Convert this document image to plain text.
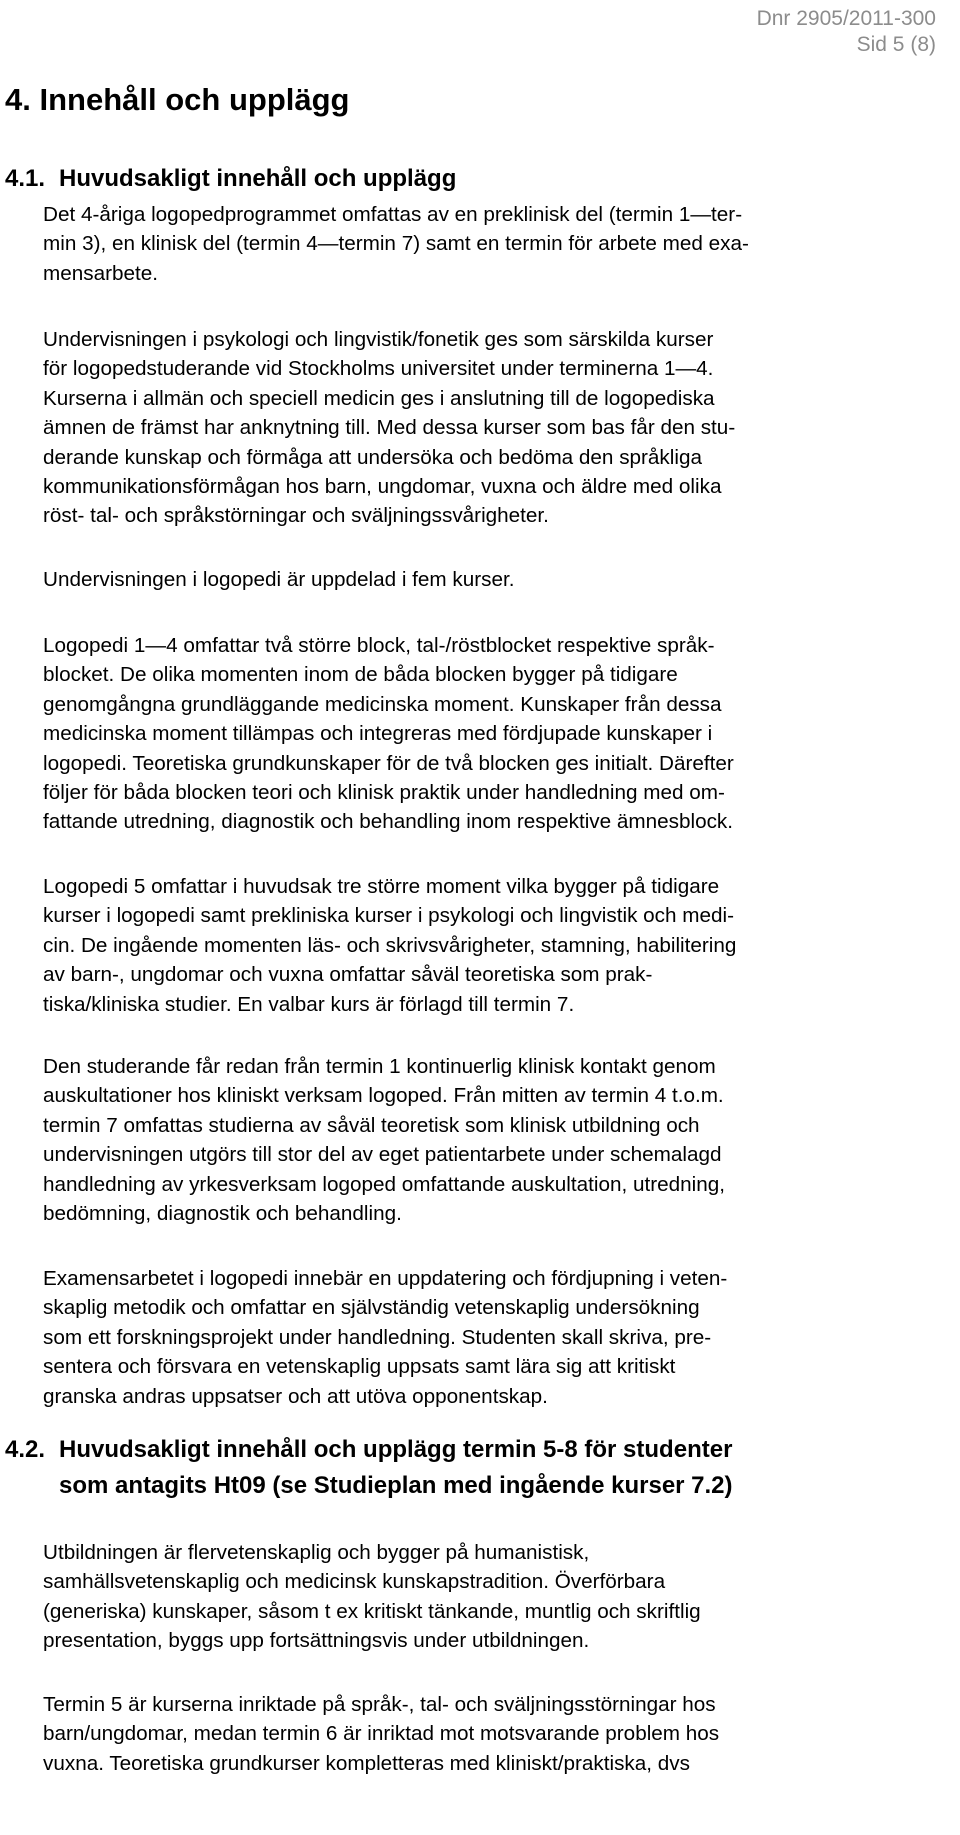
Dnr 2905/2011-300
Sid 5 (8)
4. Innehåll och upplägg
4.1. Huvudsakligt innehåll och upplägg
Det 4-åriga logopedprogrammet omfattas av en preklinisk del (termin 1—ter-
min 3), en klinisk del (termin 4—termin 7) samt en termin för arbete med exa-
mensarbete.
Undervisningen i psykologi och lingvistik/fonetik ges som särskilda kurser
för logopedstuderande vid Stockholms universitet under terminerna 1—4.
Kurserna i allmän och speciell medicin ges i anslutning till de logopediska
ämnen de främst har anknytning till. Med dessa kurser som bas får den stu-
derande kunskap och förmåga att undersöka och bedöma den språkliga
kommunikationsförmågan hos barn, ungdomar, vuxna och äldre med olika
röst- tal- och språkstörningar och sväljningssvårigheter.
Undervisningen i logopedi är uppdelad i fem kurser.
Logopedi 1—4 omfattar två större block, tal-/röstblocket respektive språk-
blocket. De olika momenten inom de båda blocken bygger på tidigare
genomgångna grundläggande medicinska moment. Kunskaper från dessa
medicinska moment tillämpas och integreras med fördjupade kunskaper i
logopedi. Teoretiska grundkunskaper för de två blocken ges initialt. Därefter
följer för båda blocken teori och klinisk praktik under handledning med om-
fattande utredning, diagnostik och behandling inom respektive ämnesblock.
Logopedi 5 omfattar i huvudsak tre större moment vilka bygger på tidigare
kurser i logopedi samt prekliniska kurser i psykologi och lingvistik och medi-
cin. De ingående momenten läs- och skrivsvårigheter, stamning, habilitering
av barn-, ungdomar och vuxna omfattar såväl teoretiska som prak-
tiska/kliniska studier. En valbar kurs är förlagd till termin 7.
Den studerande får redan från termin 1 kontinuerlig klinisk kontakt genom
auskultationer hos kliniskt verksam logoped. Från mitten av termin 4 t.o.m.
termin 7 omfattas studierna av såväl teoretisk som klinisk utbildning och
undervisningen utgörs till stor del av eget patientarbete under schemalagd
handledning av yrkesverksam logoped omfattande auskultation, utredning,
bedömning, diagnostik och behandling.
Examensarbetet i logopedi innebär en uppdatering och fördjupning i veten-
skaplig metodik och omfattar en självständig vetenskaplig undersökning
som ett forskningsprojekt under handledning. Studenten skall skriva, pre-
sentera och försvara en vetenskaplig uppsats samt lära sig att kritiskt
granska andras uppsatser och att utöva opponentskap.
4.2. Huvudsakligt innehåll och upplägg termin 5-8 för studenter
som antagits Ht09 (se Studieplan med ingående kurser 7.2)
Utbildningen är flervetenskaplig och bygger på humanistisk,
samhällsvetenskaplig och medicinsk kunskapstradition. Överförbara
(generiska) kunskaper, såsom t ex kritiskt tänkande, muntlig och skriftlig
presentation, byggs upp fortsättningsvis under utbildningen.
Termin 5 är kurserna inriktade på språk-, tal- och sväljningsstörningar hos
barn/ungdomar, medan termin 6 är inriktad mot motsvarande problem hos
vuxna. Teoretiska grundkurser kompletteras med kliniskt/praktiska, dvs
